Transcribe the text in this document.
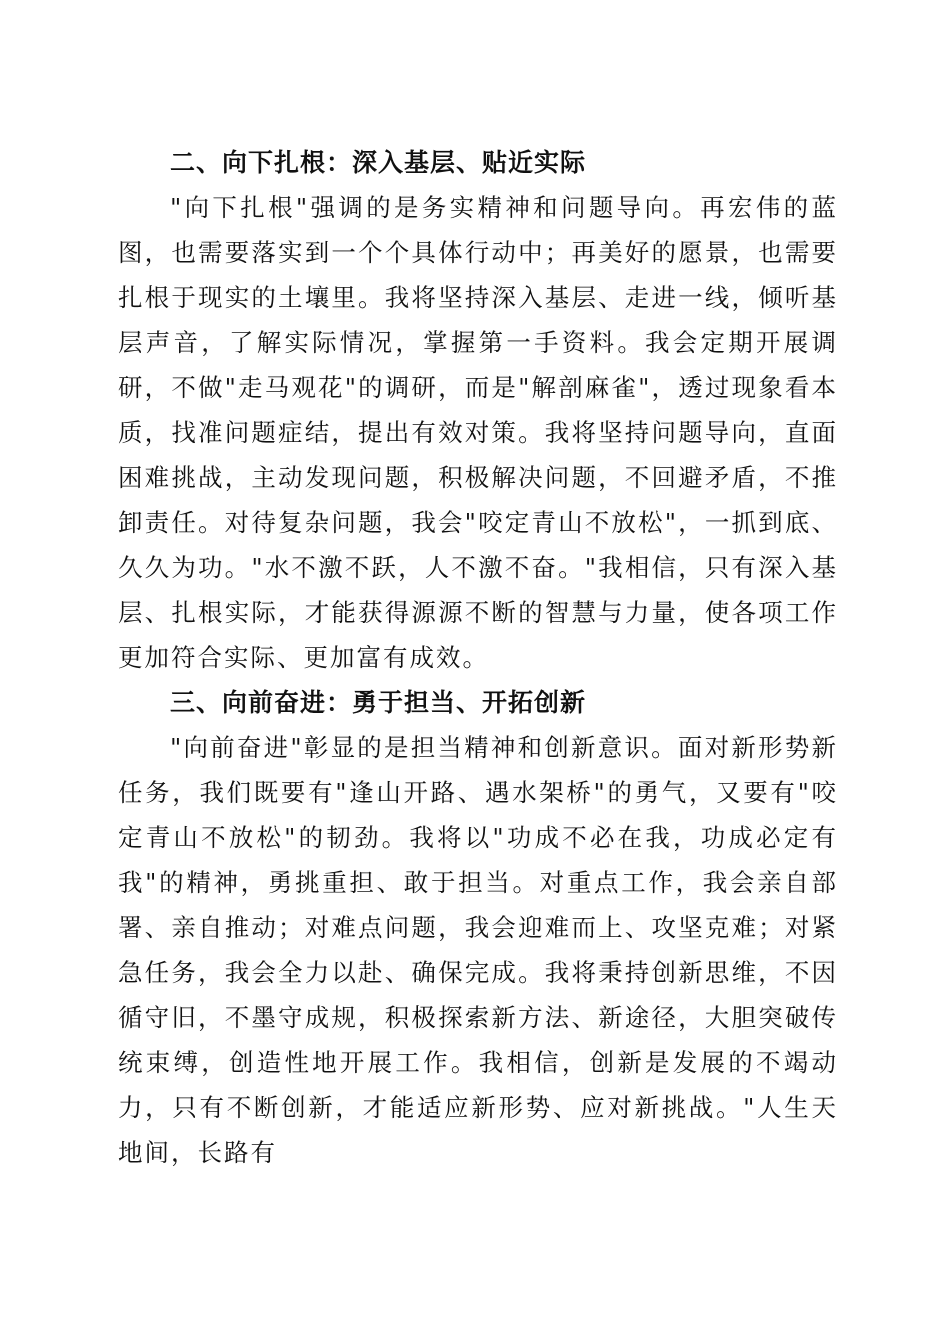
二、向下扎根：深入基层、贴近实际

"向下扎根"强调的是务实精神和问题导向。再宏伟的蓝图，也需要落实到一个个具体行动中；再美好的愿景，也需要扎根于现实的土壤里。我将坚持深入基层、走进一线，倾听基层声音，了解实际情况，掌握第一手资料。我会定期开展调研，不做"走马观花"的调研，而是"解剖麻雀"，透过现象看本质，找准问题症结，提出有效对策。我将坚持问题导向，直面困难挑战，主动发现问题，积极解决问题，不回避矛盾，不推卸责任。对待复杂问题，我会"咬定青山不放松"，一抓到底、久久为功。"水不激不跃，人不激不奋。"我相信，只有深入基层、扎根实际，才能获得源源不断的智慧与力量，使各项工作更加符合实际、更加富有成效。

三、向前奋进：勇于担当、开拓创新

"向前奋进"彰显的是担当精神和创新意识。面对新形势新任务，我们既要有"逢山开路、遇水架桥"的勇气，又要有"咬定青山不放松"的韧劲。我将以"功成不必在我，功成必定有我"的精神，勇挑重担、敢于担当。对重点工作，我会亲自部署、亲自推动；对难点问题，我会迎难而上、攻坚克难；对紧急任务，我会全力以赴、确保完成。我将秉持创新思维，不因循守旧，不墨守成规，积极探索新方法、新途径，大胆突破传统束缚，创造性地开展工作。我相信，创新是发展的不竭动力，只有不断创新，才能适应新形势、应对新挑战。"人生天地间，长路有
